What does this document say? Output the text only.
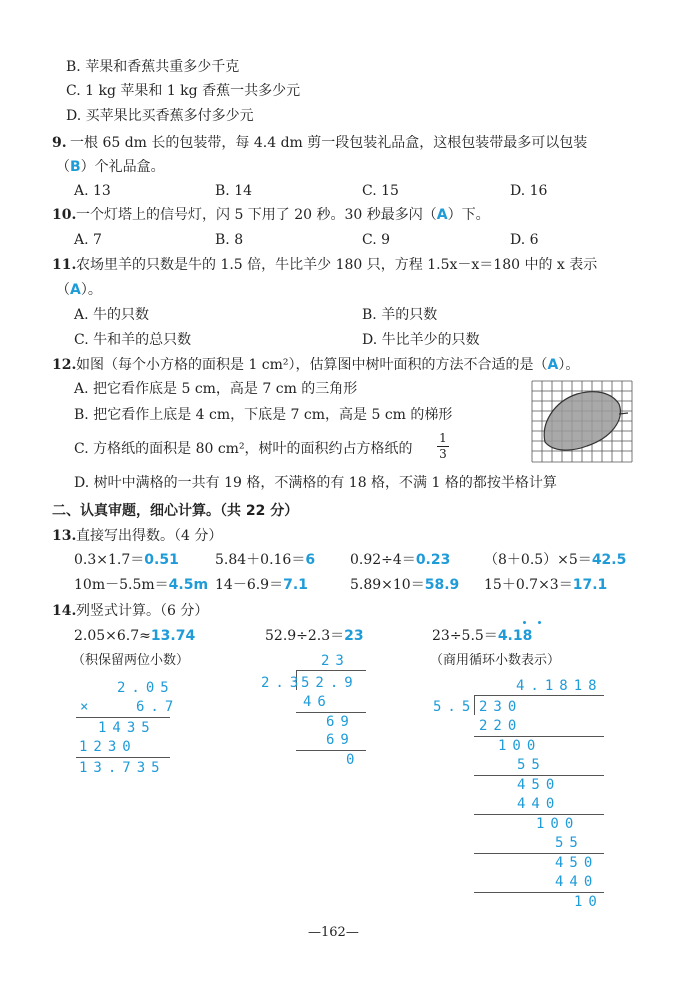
B. 苹果和香蕉共重多少千克
C. 1 kg 苹果和 1 kg 香蕉一共多少元
D. 买苹果比买香蕉多付多少元
9. 一根 65 dm 长的包装带，每 4.4 dm 剪一段包装礼品盒，这根包装带最多可以包装
（B）个礼品盒。
A. 13	B. 14	C. 15	D. 16
10. 一个灯塔上的信号灯，闪 5 下用了 20 秒。30 秒最多闪（A）下。
A. 7	B. 8	C. 9	D. 6
11. 农场里羊的只数是牛的 1.5 倍，牛比羊少 180 只，方程 1.5x－x＝180 中的 x 表示
（A）。
A. 牛的只数	B. 羊的只数
C. 牛和羊的总只数	D. 牛比羊少的只数
12. 如图（每个小方格的面积是 1 cm²），估算图中树叶面积的方法不合适的是（A）。
A. 把它看作底是 5 cm，高是 7 cm 的三角形
B. 把它看作上底是 4 cm，下底是 7 cm，高是 5 cm 的梯形
C. 方格纸的面积是 80 cm²，树叶的面积约占方格纸的
1
3
D. 树叶中满格的一共有 19 格，不满格的有 18 格，不满 1 格的都按半格计算
二、认真审题，细心计算。（共 22 分）
13. 直接写出得数。（4 分）
0.3×1.7＝0.51	5.84＋0.16＝6 0.92÷4＝0.23 （8＋0.5）×5＝42.5
10m－5.5m＝4.5m 14－6.9＝7.1	5.89×10＝58.9 15＋0.7×3＝17.1
14. 列竖式计算。（6 分）
2.05×6.7≈13.74
（积保留两位小数）
2.05
×	6.7
1435
1230
13.735
52.9÷2.3＝23
23
2.3
52.9
46
69
69
0
23÷5.5＝4.18
（商用循环小数表示）
4.1818
5.5 230
220
100
55
450
440
100
55
450
440
10
—162—
